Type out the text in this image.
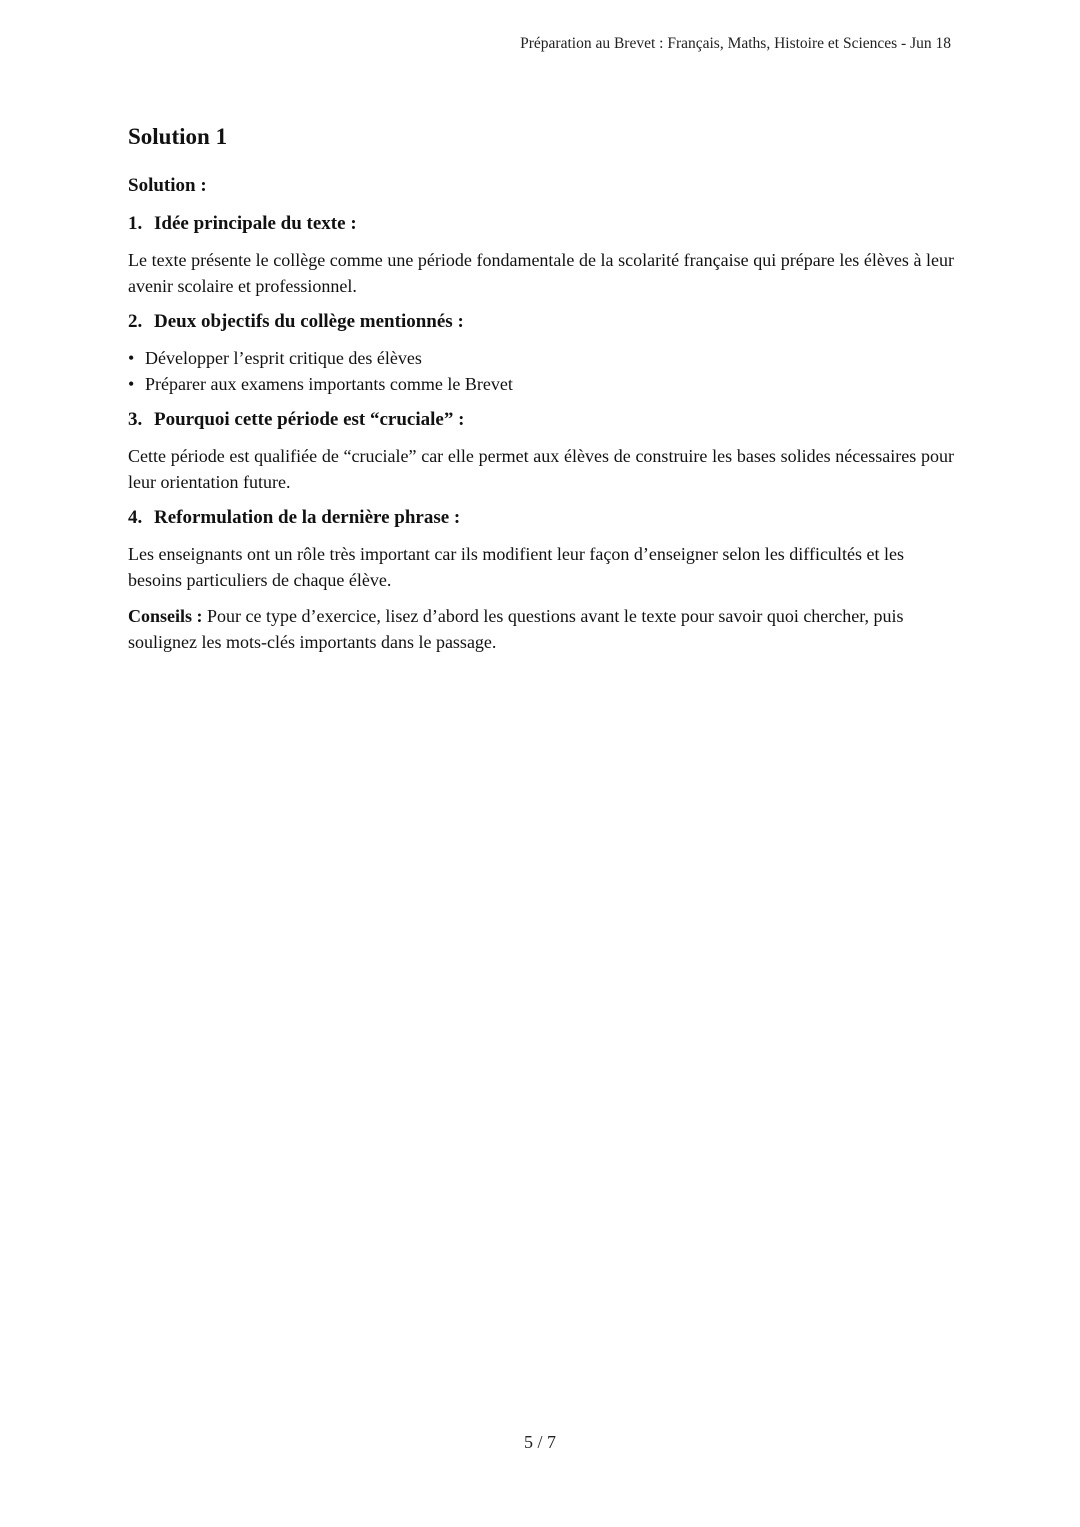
Préparation au Brevet : Français, Maths, Histoire et Sciences - Jun 18
Solution 1
Solution :
1. Idée principale du texte :

Le texte présente le collège comme une période fondamentale de la scolarité française qui prépare les élèves à leur avenir scolaire et professionnel.

2. Deux objectifs du collège mentionnés :
• Développer l’esprit critique des élèves
• Préparer aux examens importants comme le Brevet
3. Pourquoi cette période est “cruciale” :

Cette période est qualifiée de “cruciale” car elle permet aux élèves de construire les bases solides nécessaires pour leur orientation future.

4. Reformulation de la dernière phrase :

Les enseignants ont un rôle très important car ils modifient leur façon d’enseigner selon les difficultés et les besoins particuliers de chaque élève.

Conseils : Pour ce type d’exercice, lisez d’abord les questions avant le texte pour savoir quoi chercher, puis soulignez les mots-clés importants dans le passage.

5 / 7
